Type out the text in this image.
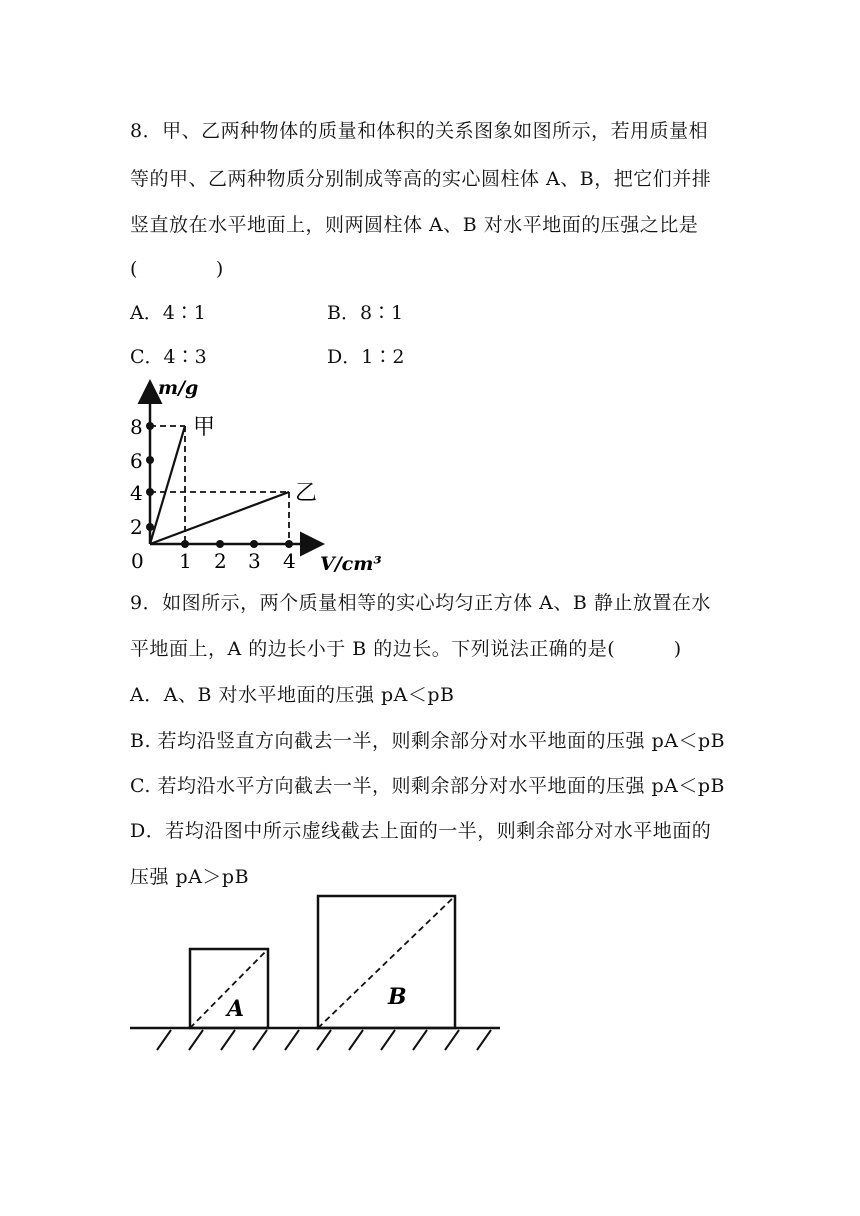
8．甲、乙两种物体的质量和体积的关系图象如图所示，若用质量相
等的甲、乙两种物质分别制成等高的实心圆柱体 A、B，把它们并排
竖直放在水平地面上，则两圆柱体 A、B 对水平地面的压强之比是
(　　　　)
A．4∶1	B．8∶1
C．4∶3	D．1∶2
m/g
V/cm³
0
2
4
6
8
1 2 3 4
甲
乙
9．如图所示，两个质量相等的实心均匀正方体 A、B 静止放置在水
平地面上，A 的边长小于 B 的边长。下列说法正确的是(　　　)
A．A、B 对水平地面的压强 pA＜pB
B. 若均沿竖直方向截去一半，则剩余部分对水平地面的压强 pA＜pB
C. 若均沿水平方向截去一半，则剩余部分对水平地面的压强 pA＜pB
D．若均沿图中所示虚线截去上面的一半，则剩余部分对水平地面的
压强 pA＞pB
A	B
